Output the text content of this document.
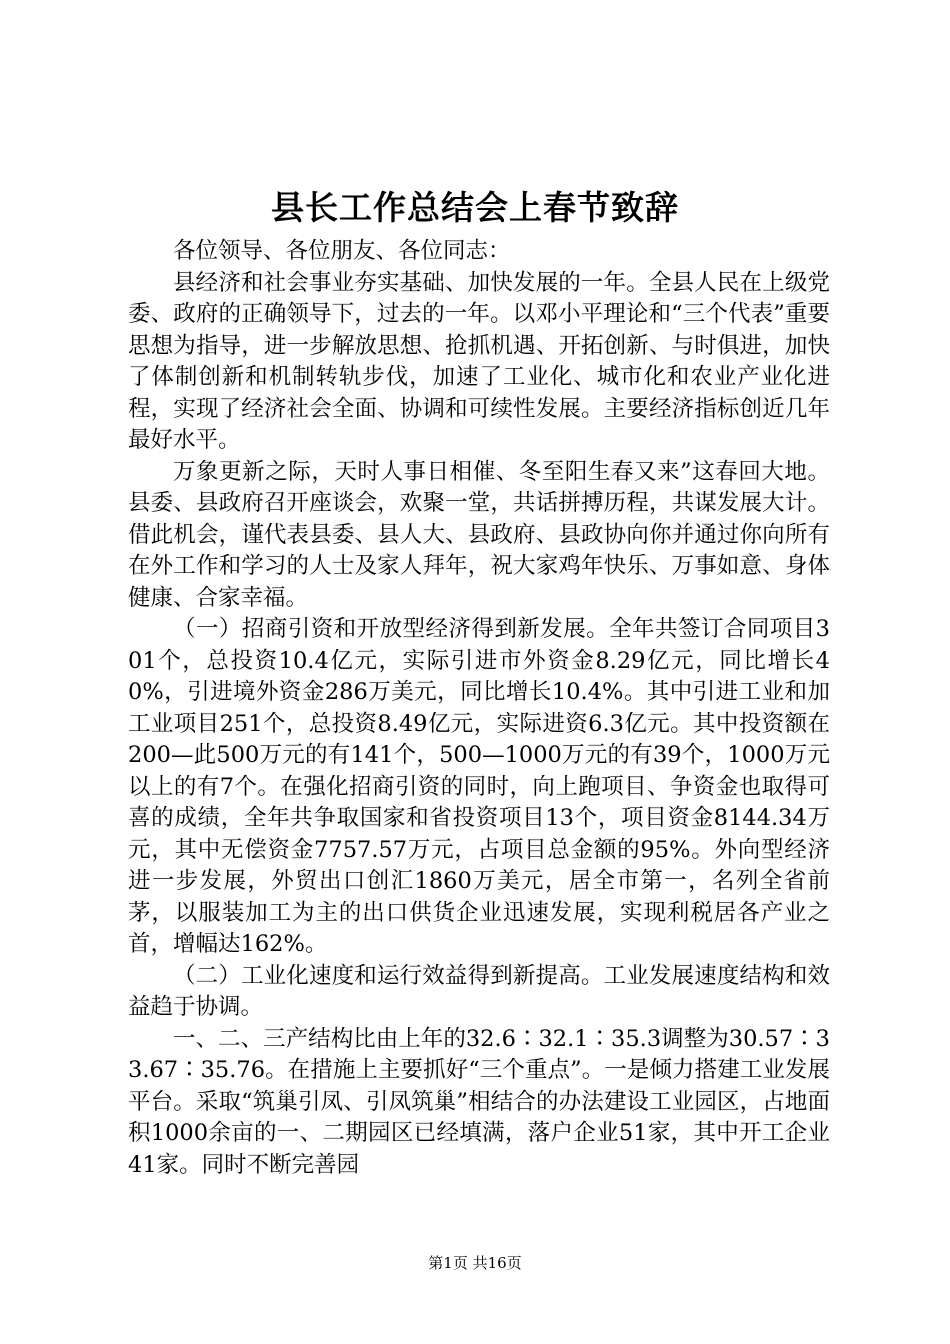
县长工作总结会上春节致辞

各位领导、各位朋友、各位同志：

县经济和社会事业夯实基础、加快发展的一年。全县人民在上级党委、政府的正确领导下，过去的一年。以邓小平理论和“三个代表”重要思想为指导，进一步解放思想、抢抓机遇、开拓创新、与时俱进，加快了体制创新和机制转轨步伐，加速了工业化、城市化和农业产业化进程，实现了经济社会全面、协调和可续性发展。主要经济指标创近几年最好水平。

万象更新之际，天时人事日相催、冬至阳生春又来”这春回大地。县委、县政府召开座谈会，欢聚一堂，共话拼搏历程，共谋发展大计。借此机会，谨代表县委、县人大、县政府、县政协向你并通过你向所有在外工作和学习的人士及家人拜年，祝大家鸡年快乐、万事如意、身体健康、合家幸福。

（一）招商引资和开放型经济得到新发展。全年共签订合同项目301个，总投资10.4亿元，实际引进市外资金8.29亿元，同比增长40%，引进境外资金286万美元，同比增长10.4%。其中引进工业和加工业项目251个，总投资8.49亿元，实际进资6.3亿元。其中投资额在200—此500万元的有141个，500—1000万元的有39个，1000万元以上的有7个。在强化招商引资的同时，向上跑项目、争资金也取得可喜的成绩，全年共争取国家和省投资项目13个，项目资金8144.34万元，其中无偿资金7757.57万元，占项目总金额的95%。外向型经济进一步发展，外贸出口创汇1860万美元，居全市第一，名列全省前茅，以服装加工为主的出口供货企业迅速发展，实现利税居各产业之首，增幅达162%。

（二）工业化速度和运行效益得到新提高。工业发展速度结构和效益趋于协调。

一、二、三产结构比由上年的32.6∶32.1∶35.3调整为30.57∶33.67∶35.76。在措施上主要抓好“三个重点”。一是倾力搭建工业发展平台。采取“筑巢引凤、引凤筑巢”相结合的办法建设工业园区，占地面积1000余亩的一、二期园区已经填满，落户企业51家，其中开工企业41家。同时不断完善园

第1页 共16页
